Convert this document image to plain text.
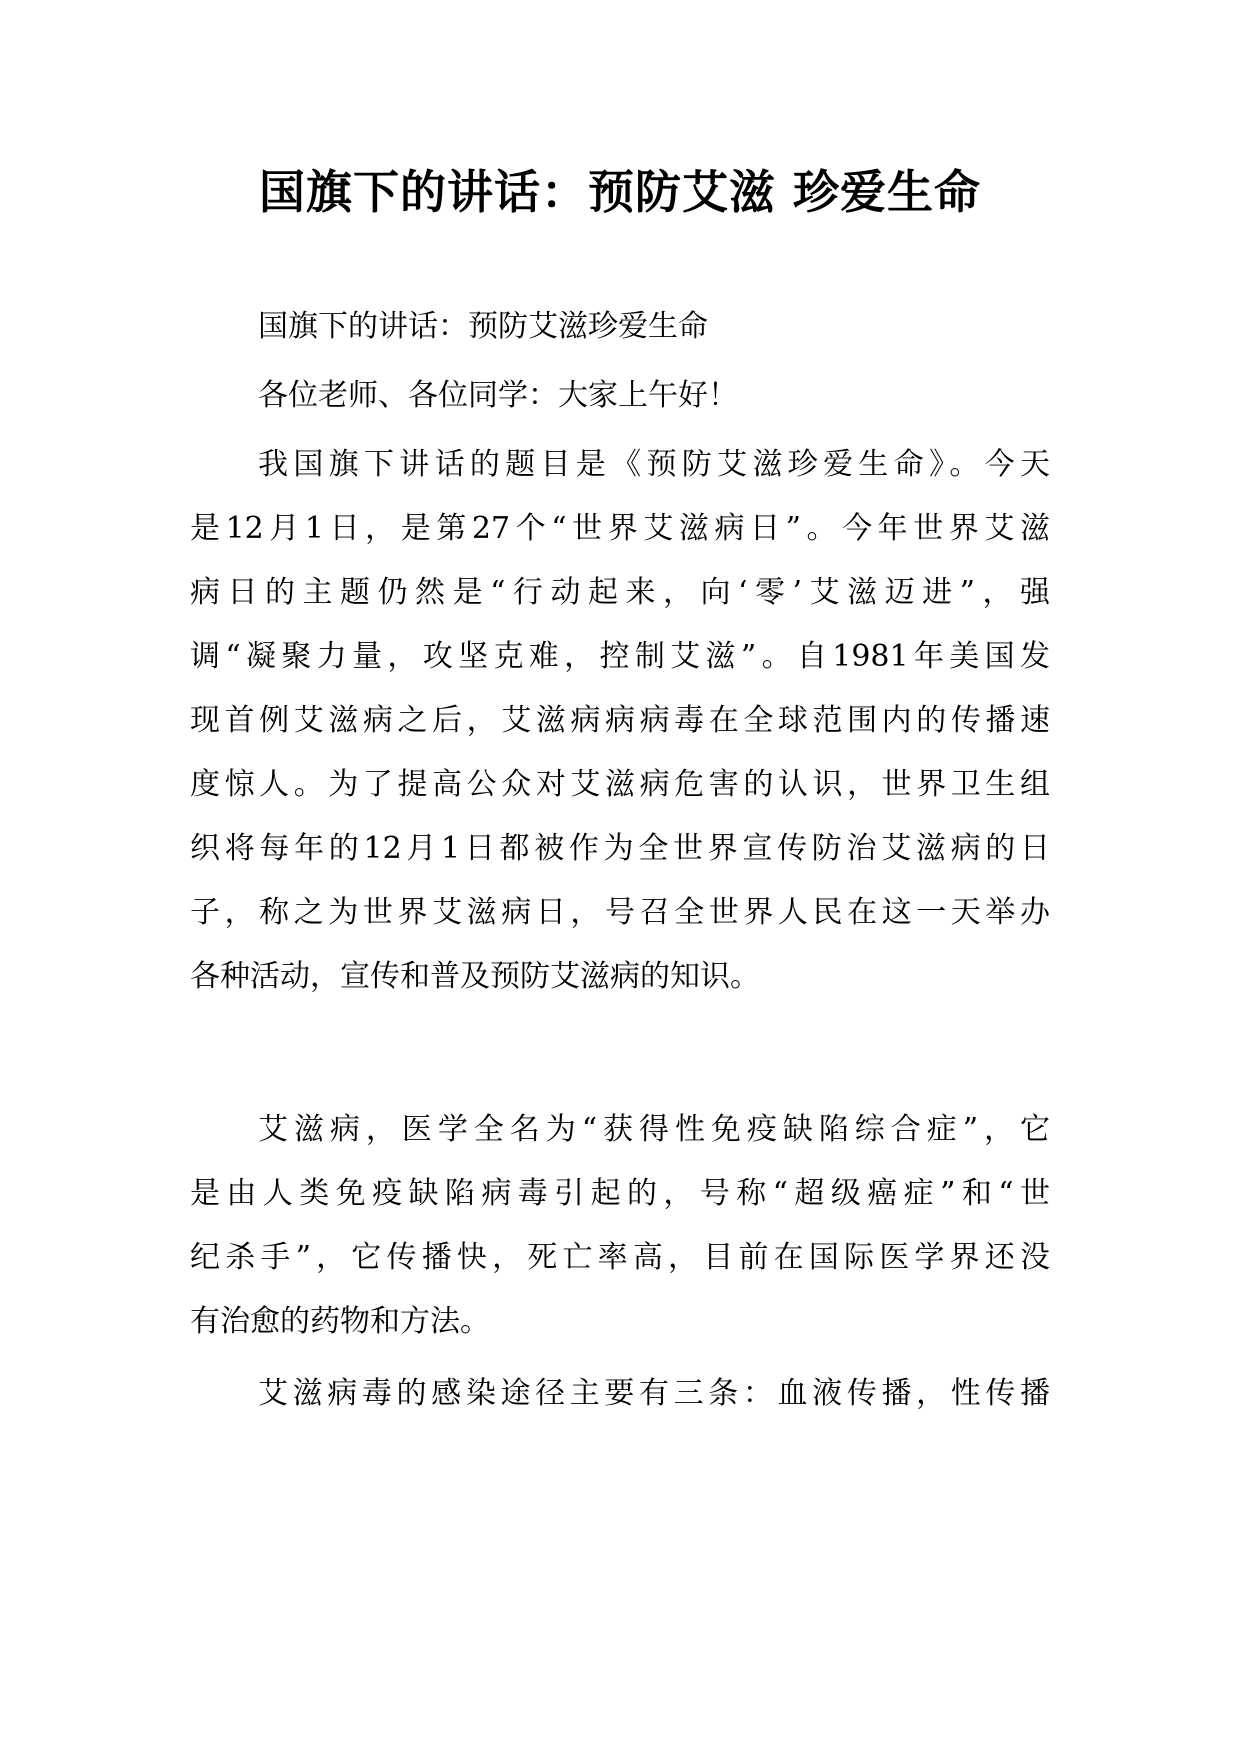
国旗下的讲话：预防艾滋 珍爱生命
国旗下的讲话：预防艾滋珍爱生命
各位老师、各位同学：大家上午好！
我国旗下讲话的题目是《预防艾滋珍爱生命》。今天
是12月1日，是第27个“世界艾滋病日”。今年世界艾滋
病日的主题仍然是“行动起来，向‘零’艾滋迈进”，强
调“凝聚力量，攻坚克难，控制艾滋”。自1981年美国发
现首例艾滋病之后，艾滋病病病毒在全球范围内的传播速
度惊人。为了提高公众对艾滋病危害的认识，世界卫生组
织将每年的12月1日都被作为全世界宣传防治艾滋病的日
子，称之为世界艾滋病日，号召全世界人民在这一天举办
各种活动，宣传和普及预防艾滋病的知识。
艾滋病，医学全名为“获得性免疫缺陷综合症”，它
是由人类免疫缺陷病毒引起的，号称“超级癌症”和“世
纪杀手”，它传播快，死亡率高，目前在国际医学界还没
有治愈的药物和方法。
艾滋病毒的感染途径主要有三条：血液传播，性传播
